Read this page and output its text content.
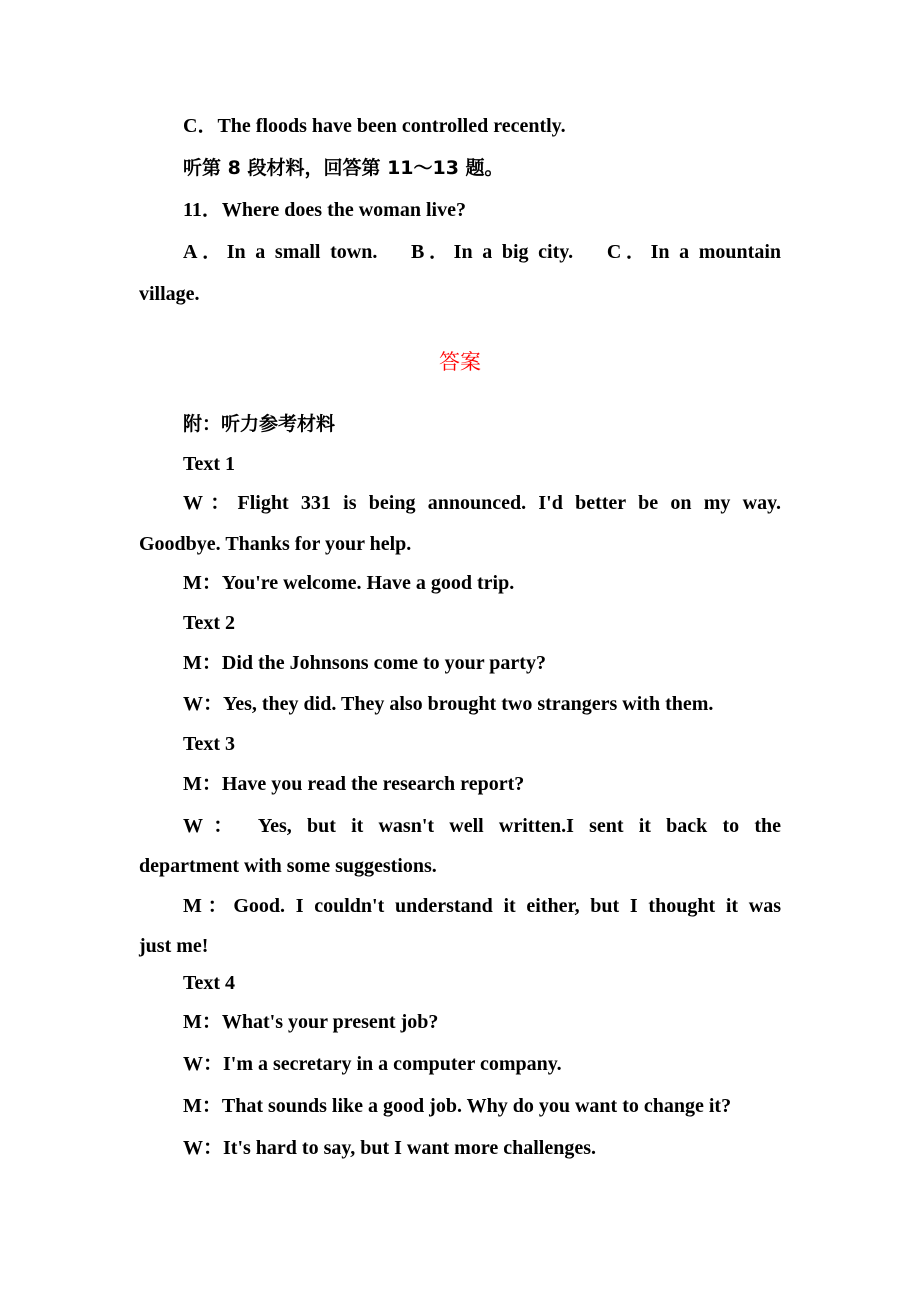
C．The floods have been controlled recently.
听第 8 段材料，回答第 11～13 题。
11．Where does the woman live?
A．In a small town. B．In a big city. C．In a mountain
village.
答案
附：听力参考材料
Text 1
W：Flight 331 is being announced. I'd better be on my way.
Goodbye. Thanks for your help.
M：You're welcome. Have a good trip.
Text 2
M：Did the Johnsons come to your party?
W：Yes, they did. They also brought two strangers with them.
Text 3
M：Have you read the research report?
W： Yes, but it wasn't well written.I sent it back to the
department with some suggestions.
M：Good. I couldn't understand it either, but I thought it was
just me!
Text 4
M：What's your present job?
W：I'm a secretary in a computer company.
M：That sounds like a good job. Why do you want to change it?
W：It's hard to say, but I want more challenges.
